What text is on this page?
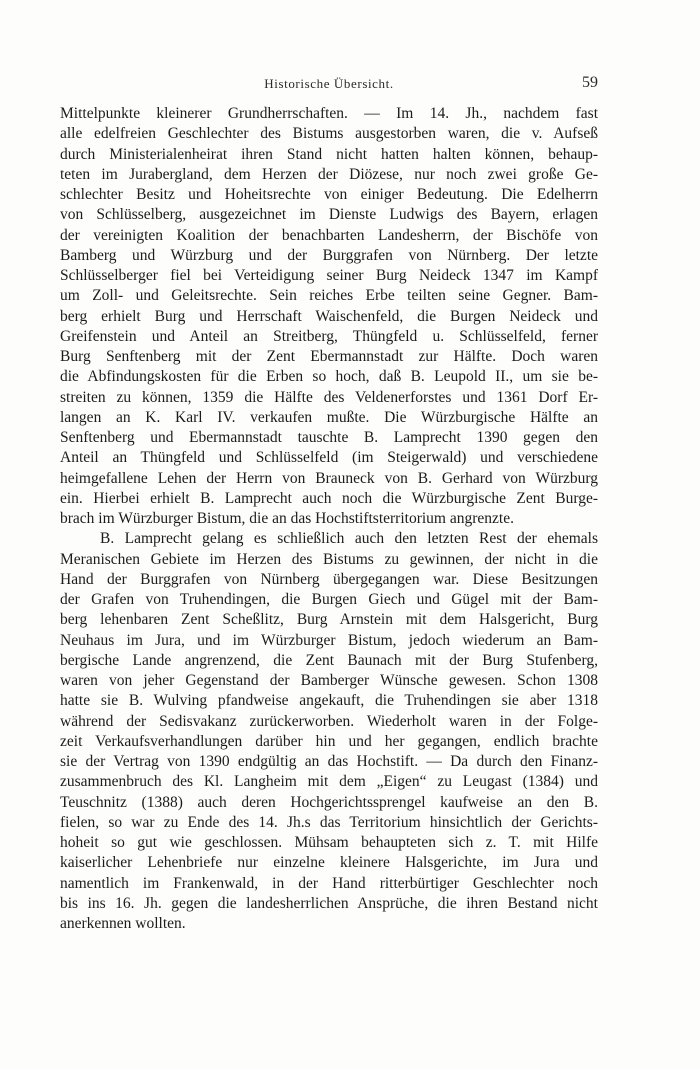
Historische Übersicht.	59
Mittelpunkte kleinerer Grundherrschaften. — Im 14. Jh., nachdem fast
alle edelfreien Geschlechter des Bistums ausgestorben waren, die v. Aufseß
durch Ministerialenheirat ihren Stand nicht hatten halten können, behaup-
teten im Jurabergland, dem Herzen der Diözese, nur noch zwei große Ge-
schlechter Besitz und Hoheitsrechte von einiger Bedeutung. Die Edelherrn
von Schlüsselberg, ausgezeichnet im Dienste Ludwigs des Bayern, erlagen
der vereinigten Koalition der benachbarten Landesherrn, der Bischöfe von
Bamberg und Würzburg und der Burggrafen von Nürnberg. Der letzte
Schlüsselberger fiel bei Verteidigung seiner Burg Neideck 1347 im Kampf
um Zoll- und Geleitsrechte. Sein reiches Erbe teilten seine Gegner. Bam-
berg erhielt Burg und Herrschaft Waischenfeld, die Burgen Neideck und
Greifenstein und Anteil an Streitberg, Thüngfeld u. Schlüsselfeld, ferner
Burg Senftenberg mit der Zent Ebermannstadt zur Hälfte. Doch waren
die Abfindungskosten für die Erben so hoch, daß B. Leupold II., um sie be-
streiten zu können, 1359 die Hälfte des Veldenerforstes und 1361 Dorf Er-
langen an K. Karl IV. verkaufen mußte. Die Würzburgische Hälfte an
Senftenberg und Ebermannstadt tauschte B. Lamprecht 1390 gegen den
Anteil an Thüngfeld und Schlüsselfeld (im Steigerwald) und verschiedene
heimgefallene Lehen der Herrn von Brauneck von B. Gerhard von Würzburg
ein. Hierbei erhielt B. Lamprecht auch noch die Würzburgische Zent Burge-
brach im Würzburger Bistum, die an das Hochstiftsterritorium angrenzte.
B. Lamprecht gelang es schließlich auch den letzten Rest der ehemals
Meranischen Gebiete im Herzen des Bistums zu gewinnen, der nicht in die
Hand der Burggrafen von Nürnberg übergegangen war. Diese Besitzungen
der Grafen von Truhendingen, die Burgen Giech und Gügel mit der Bam-
berg lehenbaren Zent Scheßlitz, Burg Arnstein mit dem Halsgericht, Burg
Neuhaus im Jura, und im Würzburger Bistum, jedoch wiederum an Bam-
bergische Lande angrenzend, die Zent Baunach mit der Burg Stufenberg,
waren von jeher Gegenstand der Bamberger Wünsche gewesen. Schon 1308
hatte sie B. Wulving pfandweise angekauft, die Truhendingen sie aber 1318
während der Sedisvakanz zurückerworben. Wiederholt waren in der Folge-
zeit Verkaufsverhandlungen darüber hin und her gegangen, endlich brachte
sie der Vertrag von 1390 endgültig an das Hochstift. — Da durch den Finanz-
zusammenbruch des Kl. Langheim mit dem „Eigen“ zu Leugast (1384) und
Teuschnitz (1388) auch deren Hochgerichtssprengel kaufweise an den B.
fielen, so war zu Ende des 14. Jh.s das Territorium hinsichtlich der Gerichts-
hoheit so gut wie geschlossen. Mühsam behaupteten sich z. T. mit Hilfe
kaiserlicher Lehenbriefe nur einzelne kleinere Halsgerichte, im Jura und
namentlich im Frankenwald, in der Hand ritterbürtiger Geschlechter noch
bis ins 16. Jh. gegen die landesherrlichen Ansprüche, die ihren Bestand nicht
anerkennen wollten.
